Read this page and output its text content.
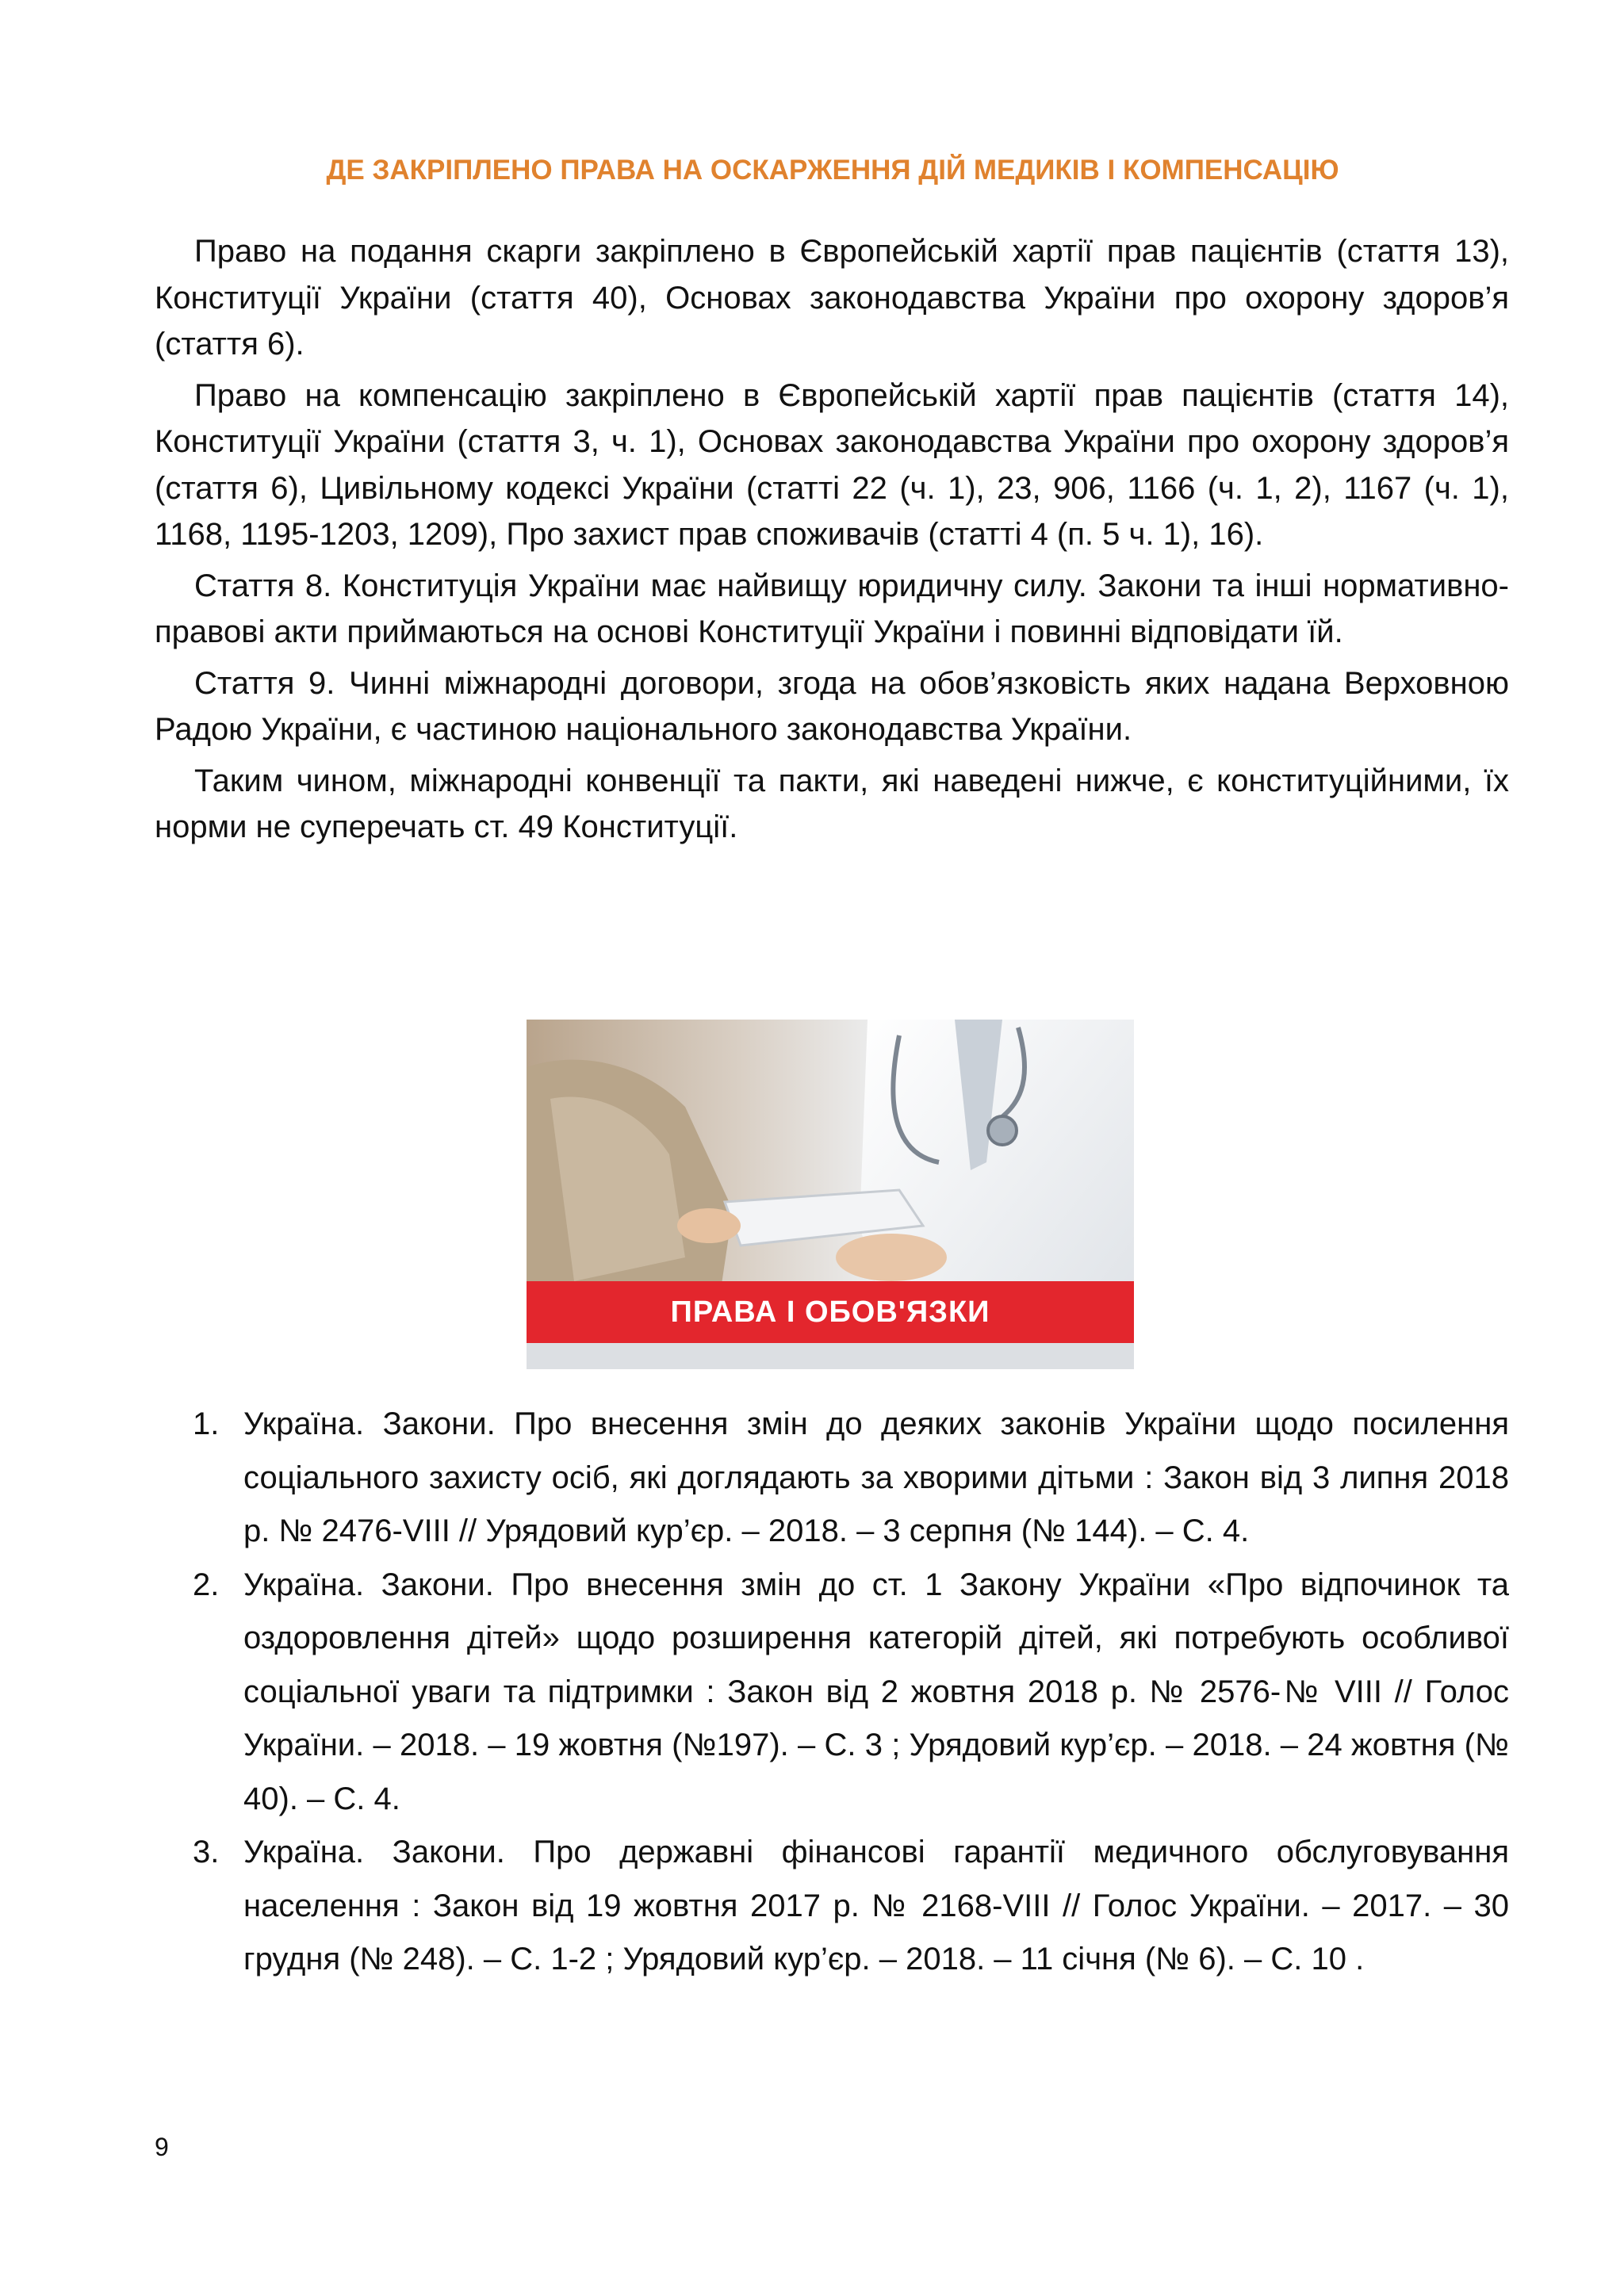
ДЕ ЗАКРІПЛЕНО ПРАВА НА ОСКАРЖЕННЯ ДІЙ МЕДИКІВ І КОМПЕНСАЦІЮ

Право на подання скарги закріплено в Європейській хартії прав пацієнтів (стаття 13), Конституції України (стаття 40), Основах законодавства України про охорону здоров’я (стаття 6).

Право на компенсацію закріплено в Європейській хартії прав пацієнтів (стаття 14), Конституції України (стаття 3, ч. 1), Основах законодавства України про охорону здоров’я (стаття 6), Цивільному кодексі України (статті 22 (ч. 1), 23, 906, 1166 (ч. 1, 2), 1167 (ч. 1), 1168, 1195-1203, 1209), Про захист прав споживачів (статті 4 (п. 5 ч. 1), 16).

Стаття 8. Конституція України має найвищу юридичну силу. Закони та інші нормативно-правові акти приймаються на основі Конституції України і повинні відповідати їй.

Стаття 9. Чинні міжнародні договори, згода на обов’язковість яких надана Верховною Радою України, є частиною національного законодавства України.

Таким чином, міжнародні конвенції та пакти, які наведені нижче, є конституційними, їх норми не суперечать ст. 49 Конституції.

ПРАВА І ОБОВ'ЯЗКИ
1. Україна. Закони. Про внесення змін до деяких законів України щодо посилення соціального захисту осіб, які доглядають за хворими дітьми : Закон від 3 липня 2018 р. № 2476-VIII // Урядовий кур’єр. – 2018. – 3 серпня (№ 144). – С. 4.
2. Україна. Закони. Про внесення змін до ст. 1 Закону України «Про відпочинок та оздоровлення дітей» щодо розширення категорій дітей, які потребують особливої соціальної уваги та підтримки : Закон від 2 жовтня 2018 р. № 2576-№ VIII // Голос України. – 2018. – 19 жовтня (№197). – С. 3 ; Урядовий кур’єр. – 2018. – 24 жовтня (№ 40). – С. 4.
3. Україна. Закони. Про державні фінансові гарантії медичного обслуговування населення : Закон від 19 жовтня 2017 р. № 2168-VIII // Голос України. – 2017. – 30 грудня (№ 248). – С. 1-2 ; Урядовий кур’єр. – 2018. – 11 січня (№ 6). – С. 10 .
9
